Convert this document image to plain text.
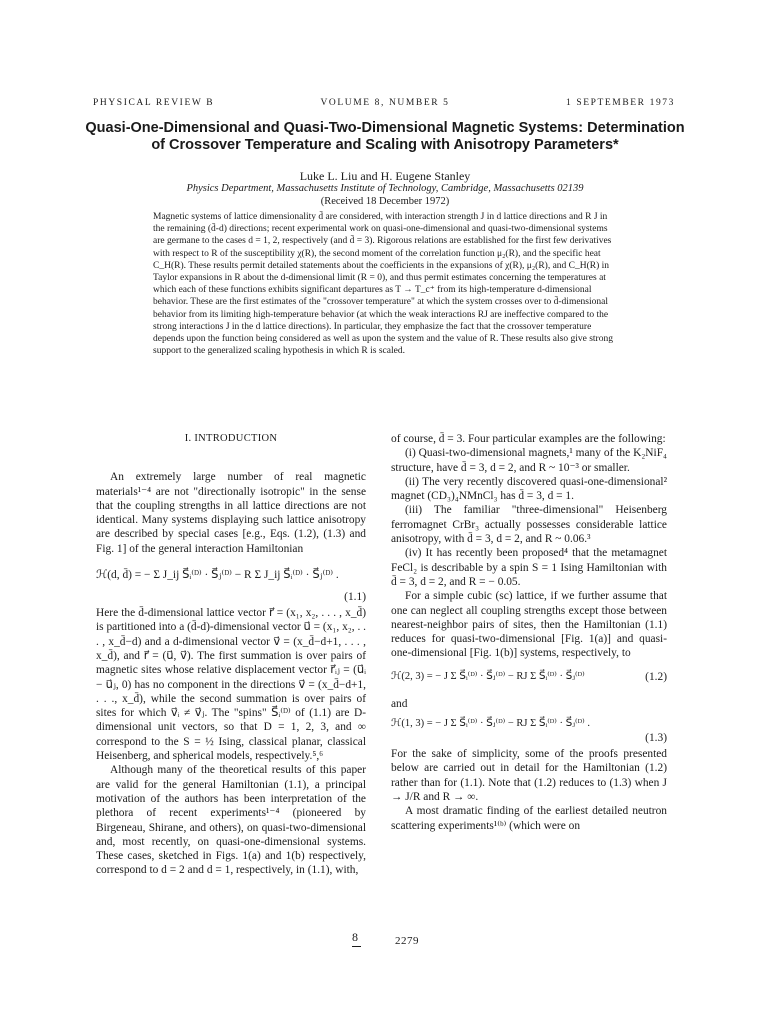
PHYSICAL REVIEW B	VOLUME 8, NUMBER 5	1 SEPTEMBER 1973
Quasi-One-Dimensional and Quasi-Two-Dimensional Magnetic Systems: Determination of Crossover Temperature and Scaling with Anisotropy Parameters*
Luke L. Liu and H. Eugene Stanley
Physics Department, Massachusetts Institute of Technology, Cambridge, Massachusetts 02139
(Received 18 December 1972)

Magnetic systems of lattice dimensionality d̄ are considered, with interaction strength J in d lattice directions and R J in the remaining (d̄-d) directions; recent experimental work on quasi-one-dimensional and quasi-two-dimensional systems are germane to the cases d = 1, 2, respectively (and d̄ = 3). Rigorous relations are established for the first few derivatives with respect to R of the susceptibility χ(R), the second moment of the correlation function μ₂(R), and the specific heat C_H(R). These results permit detailed statements about the coefficients in the expansions of χ(R), μ₂(R), and C_H(R) in Taylor expansions in R about the d-dimensional limit (R = 0), and thus permit estimates concerning the temperatures at which each of these functions exhibits significant departures as T → T_c⁺ from its high-temperature d-dimensional behavior. These are the first estimates of the "crossover temperature" at which the system crosses over to d̄-dimensional behavior from its limiting high-temperature behavior (at which the weak interactions RJ are ineffective compared to the strong interactions J in the d lattice directions). In particular, they emphasize the fact that the crossover temperature depends upon the function being considered as well as upon the system and the value of R. These results also give strong support to the generalized scaling hypothesis in which R is scaled.

I. INTRODUCTION

An extremely large number of real magnetic materials¹⁻⁴ are not "directionally isotropic" in the sense that the coupling strengths in all lattice directions are not identical. Many systems displaying such lattice anisotropy are described by special cases [e.g., Eqs. (1.2), (1.3) and Fig. 1] of the general interaction Hamiltonian

ℋ(d, d̄) = − Σ J_ij S⃗ᵢ⁽ᴰ⁾ · S⃗ⱼ⁽ᴰ⁾ − R Σ J_ij S⃗ᵢ⁽ᴰ⁾ · S⃗ⱼ⁽ᴰ⁾ .
(1.1)

Here the d̄-dimensional lattice vector r⃗ = (x₁, x₂, . . . , x_d̄) is partitioned into a (d̄-d)-dimensional vector u⃗ = (x₁, x₂, . . . , x_d̄−d) and a d-dimensional vector v⃗ = (x_d̄−d+1, . . . , x_d̄), and r⃗ = (u⃗, v⃗). The first summation is over pairs of magnetic sites whose relative displacement vector r⃗ᵢⱼ = (u⃗ᵢ − u⃗ⱼ, 0) has no component in the directions v⃗ = (x_d̄−d+1, . . ., x_d̄), while the second summation is over pairs of sites for which v⃗ᵢ ≠ v⃗ⱼ. The "spins" S⃗ᵢ⁽ᴰ⁾ of (1.1) are D-dimensional unit vectors, so that D = 1, 2, 3, and ∞ correspond to the S = ½ Ising, classical planar, classical Heisenberg, and spherical models, respectively.⁵,⁶

Although many of the theoretical results of this paper are valid for the general Hamiltonian (1.1), a principal motivation of the authors has been interpretation of the plethora of recent experiments¹⁻⁴ (pioneered by Birgeneau, Shirane, and others), on quasi-two-dimensional and, most recently, on quasi-one-dimensional systems. These cases, sketched in Figs. 1(a) and 1(b) respectively, correspond to d = 2 and d = 1, respectively, in (1.1), with,

of course, d̄ = 3. Four particular examples are the following:

(i) Quasi-two-dimensional magnets,¹ many of the K₂NiF₄ structure, have d̄ = 3, d = 2, and R ~ 10⁻³ or smaller.

(ii) The very recently discovered quasi-one-dimensional² magnet (CD₃)₄NMnCl₃ has d̄ = 3, d = 1.

(iii) The familiar "three-dimensional" Heisenberg ferromagnet CrBr₃ actually possesses considerable lattice anisotropy, with d̄ = 3, d = 2, and R ~ 0.06.³

(iv) It has recently been proposed⁴ that the metamagnet FeCl₂ is describable by a spin S = 1 Ising Hamiltonian with d̄ = 3, d = 2, and R = − 0.05.

For a simple cubic (sc) lattice, if we further assume that one can neglect all coupling strengths except those between nearest-neighbor pairs of sites, then the Hamiltonian (1.1) reduces for quasi-two-dimensional [Fig. 1(a)] and quasi-one-dimensional [Fig. 1(b)] systems, respectively, to

ℋ(2, 3) = − J Σ S⃗ᵢ⁽ᴰ⁾ · S⃗ⱼ⁽ᴰ⁾ − RJ Σ S⃗ᵢ⁽ᴰ⁾ · S⃗ⱼ⁽ᴰ⁾	(1.2)

and

ℋ(1, 3) = − J Σ S⃗ᵢ⁽ᴰ⁾ · S⃗ⱼ⁽ᴰ⁾ − RJ Σ S⃗ᵢ⁽ᴰ⁾ · S⃗ⱼ⁽ᴰ⁾ .
(1.3)

For the sake of simplicity, some of the proofs presented below are carried out in detail for the Hamiltonian (1.2) rather than for (1.1). Note that (1.2) reduces to (1.3) when J → J/R and R → ∞.

A most dramatic finding of the earliest detailed neutron scattering experiments¹⁽ᵇ⁾ (which were on

8	2279
